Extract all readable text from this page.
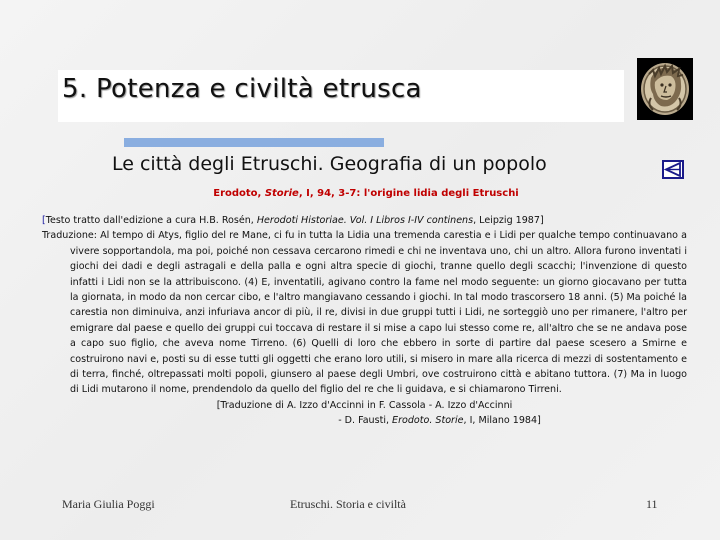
5. Potenza e civiltà etrusca
Le città degli Etruschi. Geografia di un popolo
Erodoto, Storie, I, 94, 3-7: l'origine lidia degli Etruschi

[Testo tratto dall'edizione a cura H.B. Rosén, Herodoti Historiae. Vol. I Libros I-IV continens, Leipzig 1987]

Traduzione: Al tempo di Atys, figlio del re Mane, ci fu in tutta la Lidia una tremenda carestia e i Lidi per qualche tempo continuavano a vivere sopportandola, ma poi, poiché non cessava cercarono rimedi e chi ne inventava uno, chi un altro. Allora furono inventati i giochi dei dadi e degli astragali e della palla e ogni altra specie di giochi, tranne quello degli scacchi; l'invenzione di questo infatti i Lidi non se la attribuiscono. (4) E, inventatili, agivano contro la fame nel modo seguente: un giorno giocavano per tutta la giornata, in modo da non cercar cibo, e l'altro mangiavano cessando i giochi. In tal modo trascorsero 18 anni. (5) Ma poiché la carestia non diminuiva, anzi infuriava ancor di più, il re, divisi in due gruppi tutti i Lidi, ne sorteggiò uno per rimanere, l'altro per emigrare dal paese e quello dei gruppi cui toccava di restare il si mise a capo lui stesso come re, all'altro che se ne andava pose a capo suo figlio, che aveva nome Tirreno. (6) Quelli di loro che ebbero in sorte di partire dal paese scesero a Smirne e costruirono navi e, posti su di esse tutti gli oggetti che erano loro utili, si misero in mare alla ricerca di mezzi di sostentamento e di terra, finché, oltrepassati molti popoli, giunsero al paese degli Umbri, ove costruirono città e abitano tuttora. (7) Ma in luogo di Lidi mutarono il nome, prendendolo da quello del figlio del re che li guidava, e si chiamarono Tirreni.

[Traduzione di A. Izzo d'Accinni in F. Cassola - A. Izzo d'Accinni

- D. Fausti, Erodoto. Storie, I, Milano 1984]

Maria Giulia Poggi	Etruschi. Storia e civiltà	11
